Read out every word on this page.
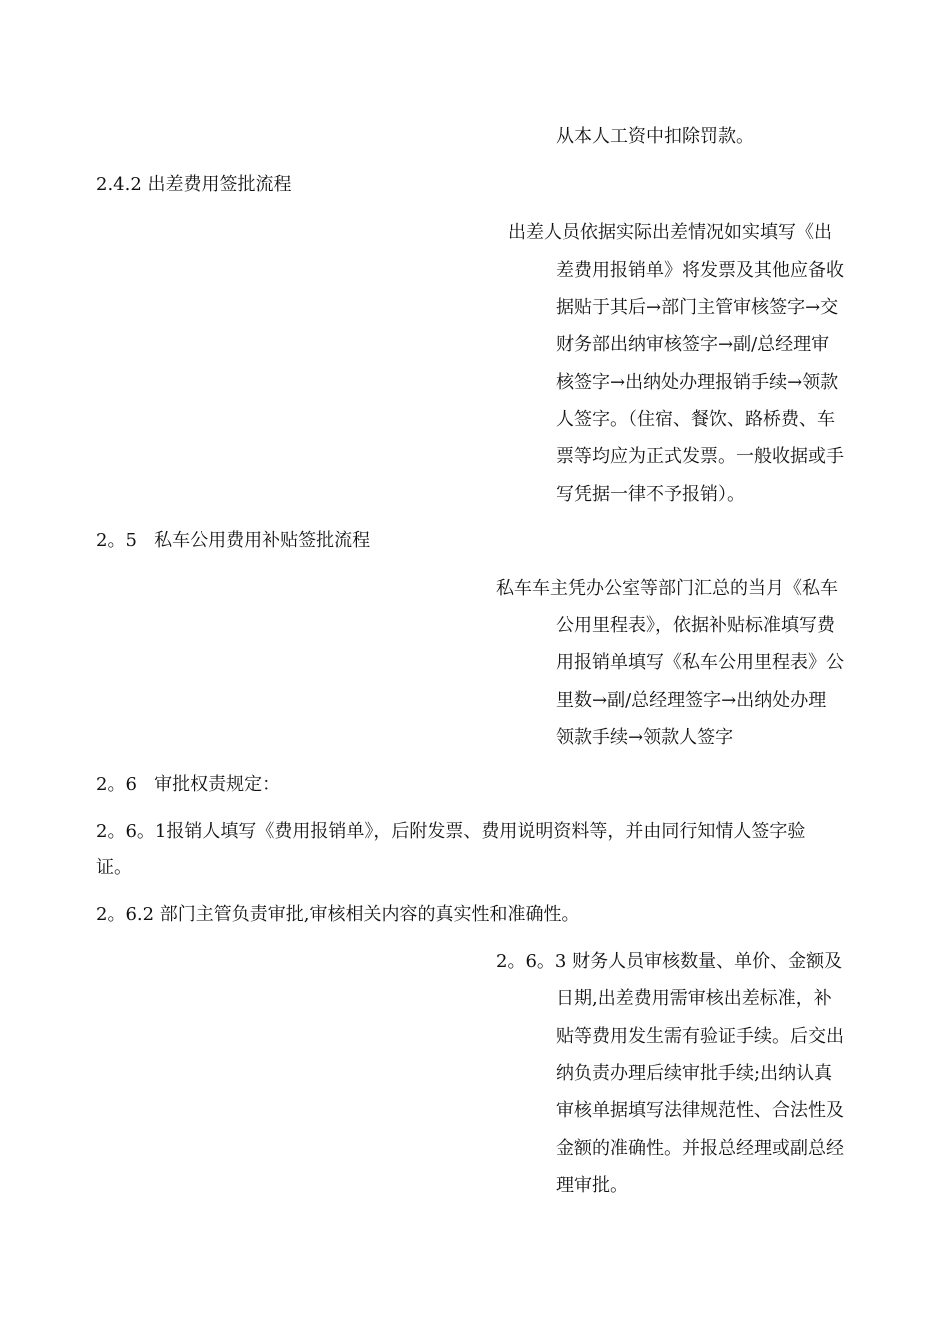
从本人工资中扣除罚款。
2.4.2 出差费用签批流程
出差人员依据实际出差情况如实填写《出
差费用报销单》将发票及其他应备收
据贴于其后→部门主管审核签字→交
财务部出纳审核签字→副/总经理审
核签字→出纳处办理报销手续→领款
人签字。（住宿、餐饮、路桥费、车
票等均应为正式发票。一般收据或手
写凭据一律不予报销）。
2。5   私车公用费用补贴签批流程
私车车主凭办公室等部门汇总的当月《私车
公用里程表》，依据补贴标准填写费
用报销单填写《私车公用里程表》公
里数→副/总经理签字→出纳处办理
领款手续→领款人签字
2。6   审批权责规定：
2。6。1报销人填写《费用报销单》，后附发票、费用说明资料等，并由同行知情人签字验
证。
2。6.2 部门主管负责审批,审核相关内容的真实性和准确性。
2。6。3 财务人员审核数量、单价、金额及
日期,出差费用需审核出差标准，补
贴等费用发生需有验证手续。后交出
纳负责办理后续审批手续;出纳认真
审核单据填写法律规范性、合法性及
金额的准确性。并报总经理或副总经
理审批。
